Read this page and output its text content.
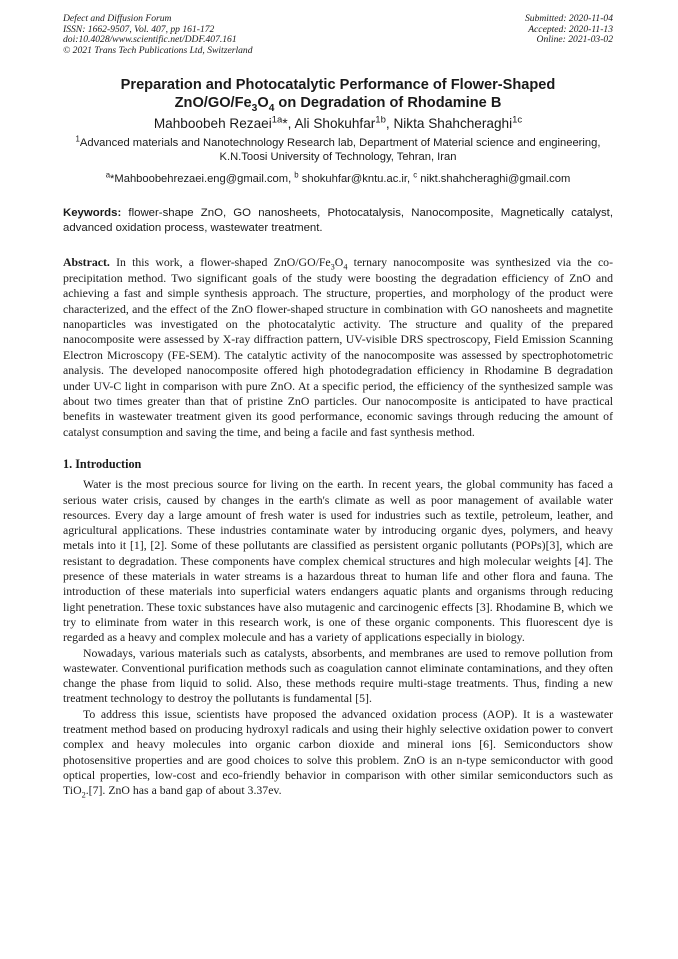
Defect and Diffusion Forum
ISSN: 1662-9507, Vol. 407, pp 161-172
doi:10.4028/www.scientific.net/DDF.407.161
© 2021 Trans Tech Publications Ltd, Switzerland
Submitted: 2020-11-04
Accepted: 2020-11-13
Online: 2021-03-02
Preparation and Photocatalytic Performance of Flower-Shaped
ZnO/$GO/Fe_3O_4$ on Degradation of Rhodamine B
Mahboobeh Rezaei$^{1a}$*, Ali Shokuhfar$^{1b}$, Nikta Shahcheraghi$^{1c}$
$^1$Advanced materials and Nanotechnology Research lab, Department of Material science and engineering, K.N.Toosi University of Technology, Tehran, Iran
$^a$*Mahboobehrezaei.eng@gmail.com, $^b$ shokuhfar@kntu.ac.ir, $^c$ nikt.shahcheraghi@gmail.com
Keywords: flower-shape ZnO, GO nanosheets, Photocatalysis, Nanocomposite, Magnetically catalyst, advanced oxidation process, wastewater treatment.
Abstract. In this work, a flower-shaped ZnO/$GO/Fe_3O_4$ ternary nanocomposite was synthesized via the co-precipitation method. Two significant goals of the study were boosting the degradation efficiency of ZnO and achieving a fast and simple synthesis approach. The structure, properties, and morphology of the product were characterized, and the effect of the ZnO flower-shaped structure in combination with GO nanosheets and magnetite nanoparticles was investigated on the photocatalytic activity. The structure and quality of the prepared nanocomposite were assessed by X-ray diffraction pattern, UV-visible DRS spectroscopy, Field Emission Scanning Electron Microscopy (FE-SEM). The catalytic activity of the nanocomposite was assessed by spectrophotometric analysis. The developed nanocomposite offered high photodegradation efficiency in Rhodamine B degradation under UV-C light in comparison with pure ZnO. At a specific period, the efficiency of the synthesized sample was about two times greater than that of pristine ZnO particles. Our nanocomposite is anticipated to have practical benefits in wastewater treatment given its good performance, economic savings through reducing the amount of catalyst consumption and saving the time, and being a facile and fast synthesis method.
1. Introduction
Water is the most precious source for living on the earth. In recent years, the global community has faced a serious water crisis, caused by changes in the earth's climate as well as poor management of available water resources. Every day a large amount of fresh water is used for industries such as textile, petroleum, leather, and agricultural applications. These industries contaminate water by introducing organic dyes, polymers, and heavy metals into it [1], [2]. Some of these pollutants are classified as persistent organic pollutants (POPs)[3], which are resistant to degradation. These components have complex chemical structures and high molecular weights [4]. The presence of these materials in water streams is a hazardous threat to human life and other flora and fauna. The introduction of these materials into superficial waters endangers aquatic plants and organisms through reducing light penetration. These toxic substances have also mutagenic and carcinogenic effects [3]. Rhodamine B, which we try to eliminate from water in this research work, is one of these organic components. This fluorescent dye is regarded as a heavy and complex molecule and has a variety of applications especially in biology.
Nowadays, various materials such as catalysts, absorbents, and membranes are used to remove pollution from wastewater. Conventional purification methods such as coagulation cannot eliminate contaminations, and they often change the phase from liquid to solid. Also, these methods require multi-stage treatments. Thus, finding a new treatment technology to destroy the pollutants is fundamental [5].
To address this issue, scientists have proposed the advanced oxidation process (AOP). It is a wastewater treatment method based on producing hydroxyl radicals and using their highly selective oxidation power to convert complex and heavy molecules into organic carbon dioxide and mineral ions [6]. Semiconductors show photosensitive properties and are good choices to solve this problem. ZnO is an n-type semiconductor with good optical properties, low-cost and eco-friendly behavior in comparison with other similar semiconductors such as TiO$_2$.[7]. ZnO has a band gap of about 3.37ev.
